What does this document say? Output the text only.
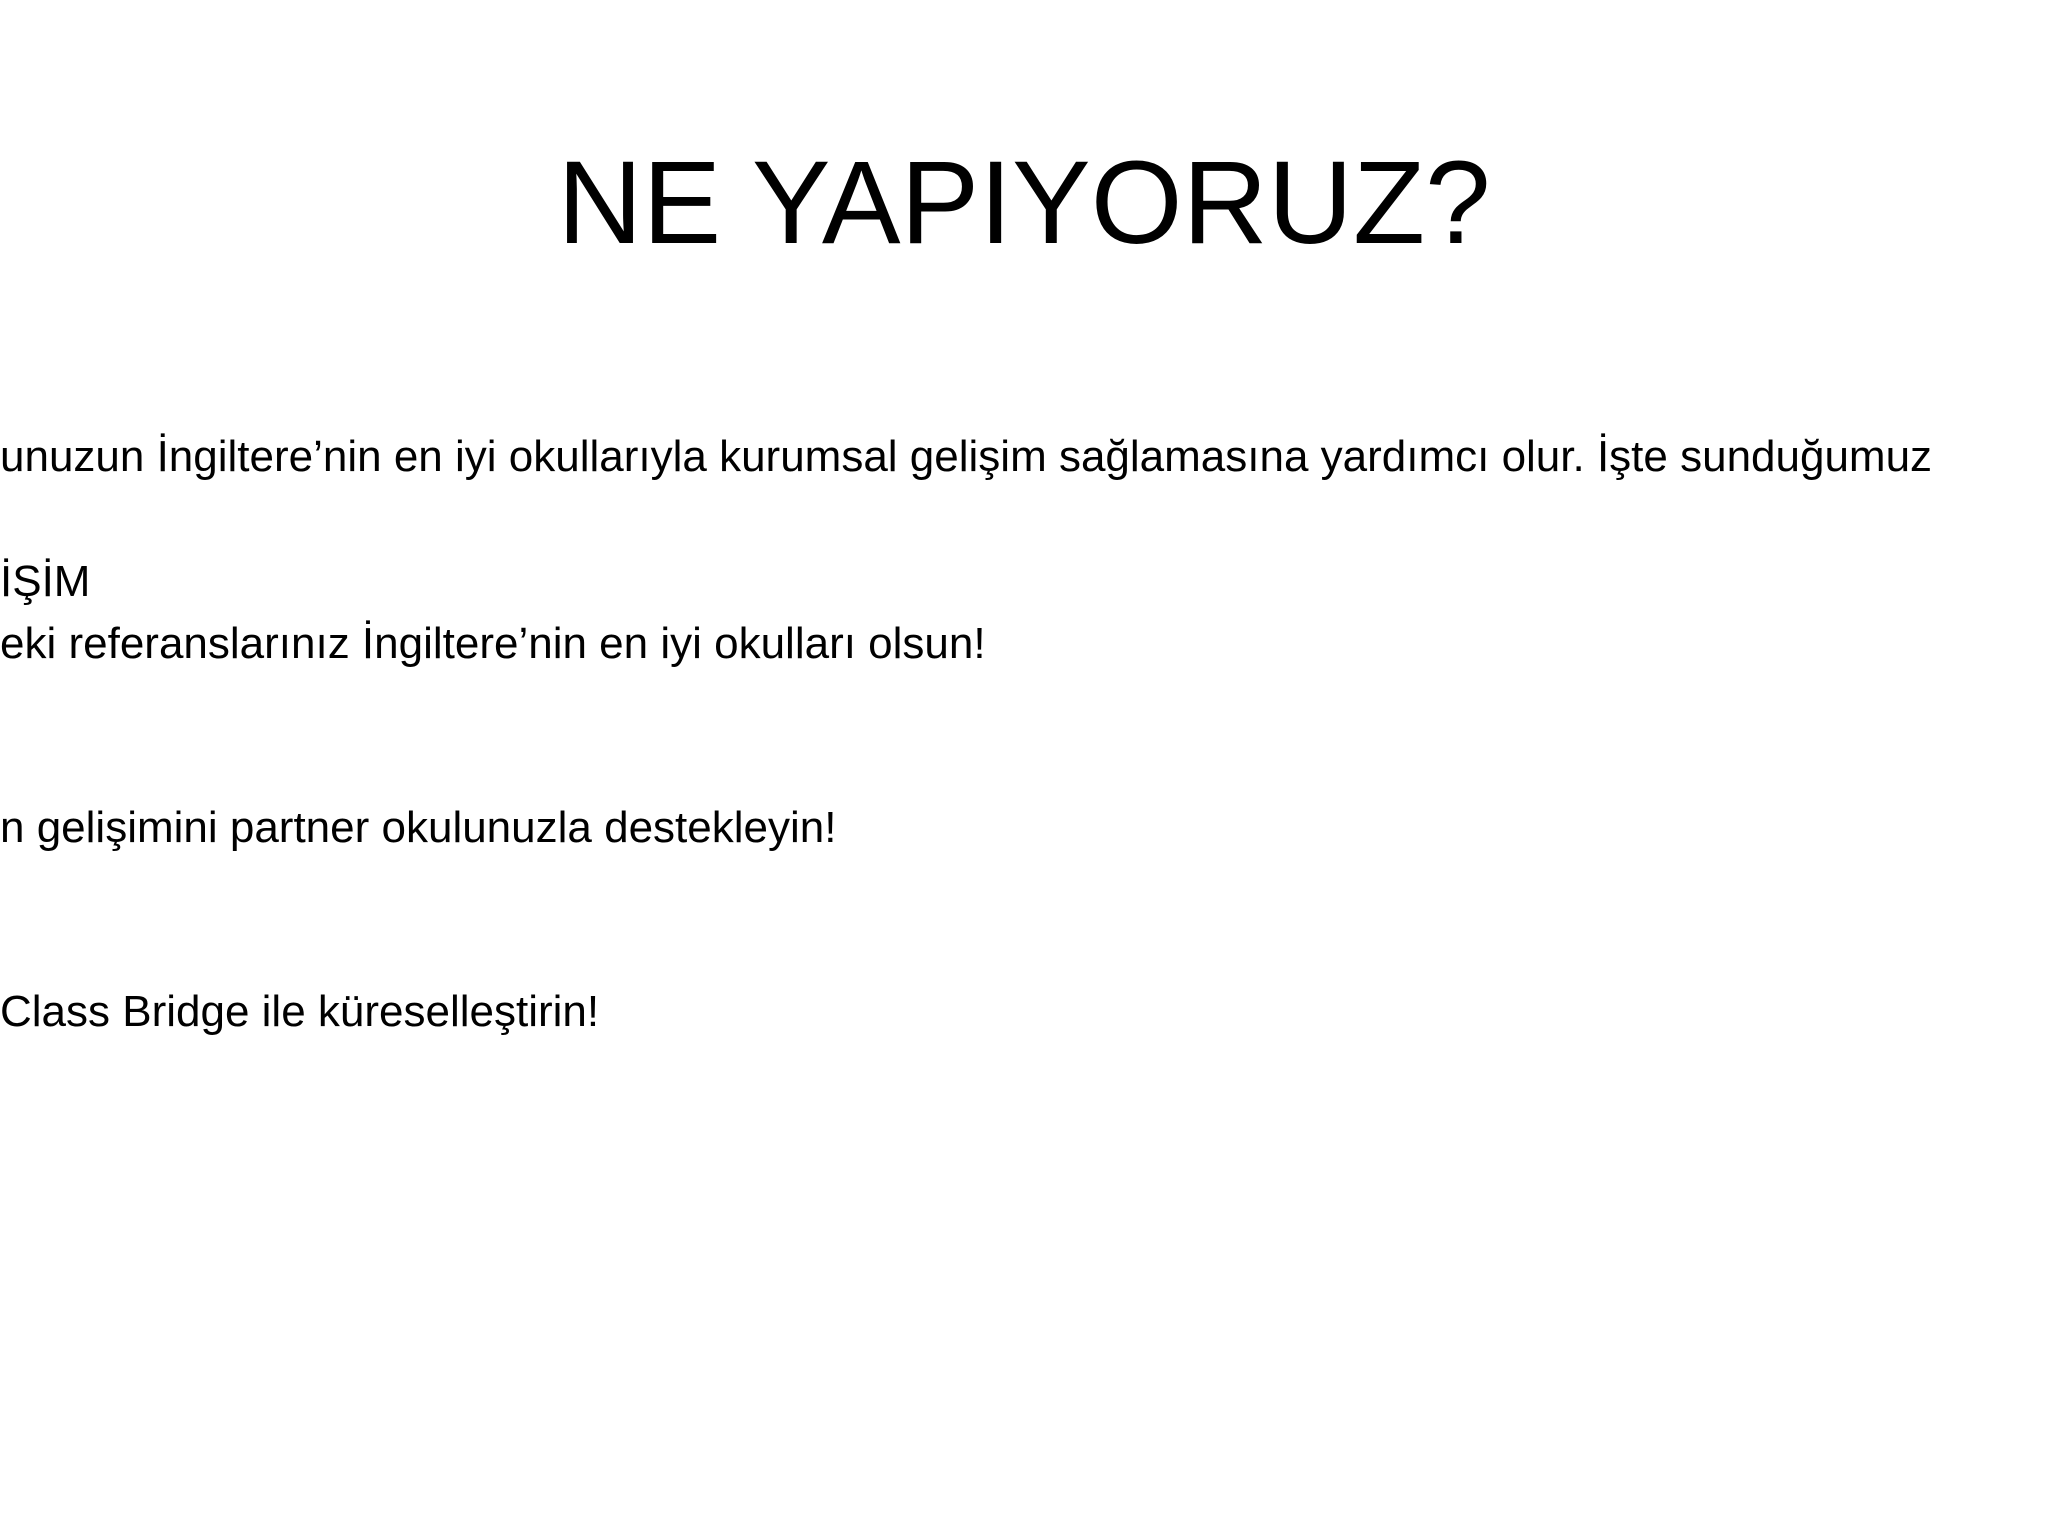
NE YAPIYORUZ?
unuzun İngiltere’nin en iyi okullarıyla kurumsal gelişim sağlamasına yardımcı olur. İşte sunduğumuz
İŞİM
eki referanslarınız İngiltere’nin en iyi okulları olsun!
n gelişimini partner okulunuzla destekleyin!
Class Bridge ile küreselleştirin!
